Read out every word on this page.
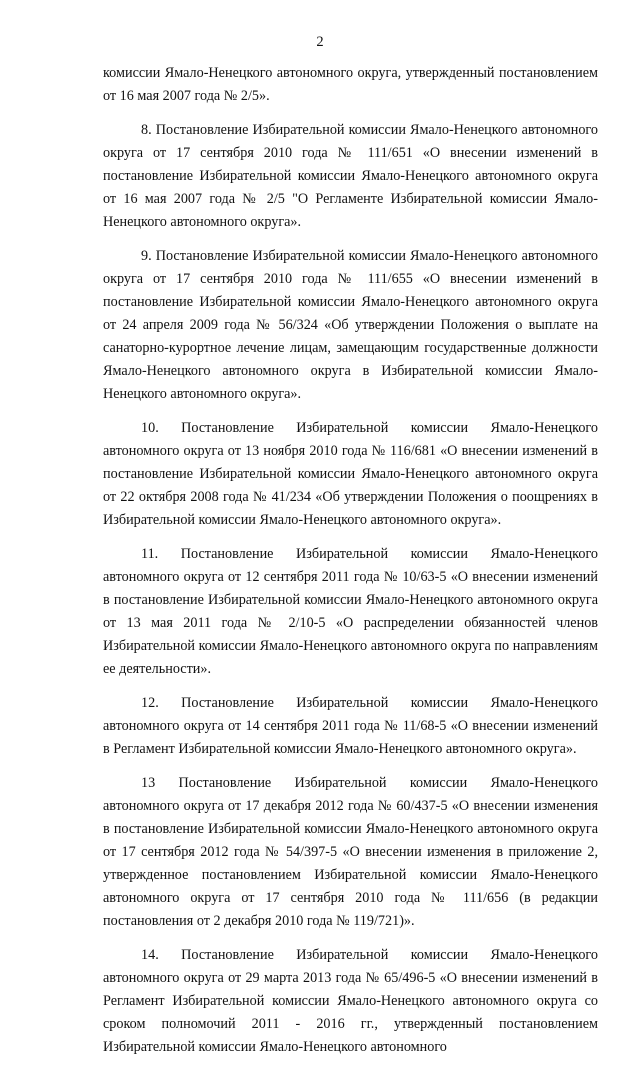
2

комиссии Ямало-Ненецкого автономного округа, утвержденный постановлением от 16 мая 2007 года № 2/5».

8. Постановление Избирательной комиссии Ямало-Ненецкого автономного округа от 17 сентября 2010 года № 111/651 «О внесении изменений в постановление Избирательной комиссии Ямало-Ненецкого автономного округа от 16 мая 2007 года № 2/5 "О Регламенте Избирательной комиссии Ямало-Ненецкого автономного округа».

9. Постановление Избирательной комиссии Ямало-Ненецкого автономного округа от 17 сентября 2010 года № 111/655 «О внесении изменений в постановление Избирательной комиссии Ямало-Ненецкого автономного округа от 24 апреля 2009 года № 56/324 «Об утверждении Положения о выплате на санаторно-курортное лечение лицам, замещающим государственные должности Ямало-Ненецкого автономного округа в Избирательной комиссии Ямало-Ненецкого автономного округа».

10. Постановление Избирательной комиссии Ямало-Ненецкого автономного округа от 13 ноября 2010 года № 116/681 «О внесении изменений в постановление Избирательной комиссии Ямало-Ненецкого автономного округа от 22 октября 2008 года № 41/234 «Об утверждении Положения о поощрениях в Избирательной комиссии Ямало-Ненецкого автономного округа».

11. Постановление Избирательной комиссии Ямало-Ненецкого автономного округа от 12 сентября 2011 года № 10/63-5 «О внесении изменений в постановление Избирательной комиссии Ямало-Ненецкого автономного округа от 13 мая 2011 года № 2/10-5 «О распределении обязанностей членов Избирательной комиссии Ямало-Ненецкого автономного округа по направлениям ее деятельности».

12. Постановление Избирательной комиссии Ямало-Ненецкого автономного округа от 14 сентября 2011 года № 11/68-5 «О внесении изменений в Регламент Избирательной комиссии Ямало-Ненецкого автономного округа».

13 Постановление Избирательной комиссии Ямало-Ненецкого автономного округа от 17 декабря 2012 года № 60/437-5 «О внесении изменения в постановление Избирательной комиссии Ямало-Ненецкого автономного округа от 17 сентября 2012 года № 54/397-5 «О внесении изменения в приложение 2, утвержденное постановлением Избирательной комиссии Ямало-Ненецкого автономного округа от 17 сентября 2010 года № 111/656 (в редакции постановления от 2 декабря 2010 года № 119/721)».

14. Постановление Избирательной комиссии Ямало-Ненецкого автономного округа от 29 марта 2013 года № 65/496-5 «О внесении изменений в Регламент Избирательной комиссии Ямало-Ненецкого автономного округа со сроком полномочий 2011 - 2016 гг., утвержденный постановлением Избирательной комиссии Ямало-Ненецкого автономного
